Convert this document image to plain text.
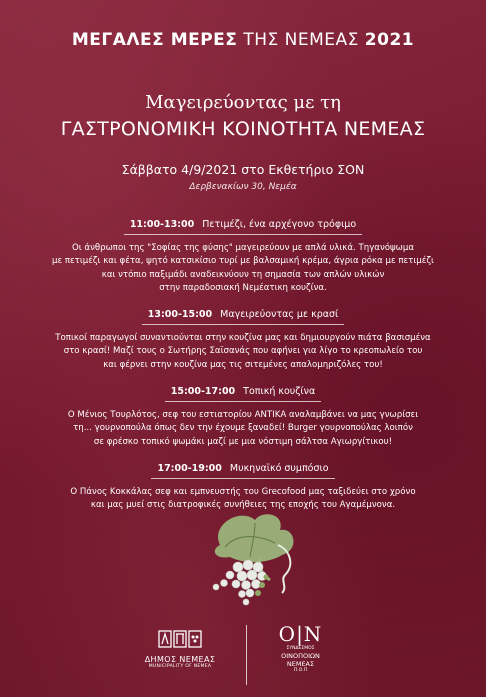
ΜΕΓΑΛΕΣ ΜΕΡΕΣ ΤΗΣ ΝΕΜΕΑΣ 2021
Μαγειρεύοντας με τη
ΓΑΣΤΡΟΝΟΜΙΚΗ ΚΟΙΝΟΤΗΤΑ ΝΕΜΕΑΣ
Σάββατο 4/9/2021 στο Εκθετήριο ΣΟΝ
Δερβενακίων 30, Νεμέα
11:00-13:00 Πετιμέζι, ένα αρχέγονο τρόφιμο

Οι άνθρωποι της "Σοφίας της φύσης" μαγειρεύουν με απλά υλικά. Τηγανόψωμα

με πετιμέζι και φέτα, ψητό κατσικίσιο τυρί με βαλσαμική κρέμα, άγρια ρόκα με πετιμέζι

και ντόπιο παξιμάδι αναδεικνύουν τη σημασία των απλών υλικών

στην παραδοσιακή Νεμέατικη κουζίνα.

13:00-15:00 Μαγειρεύοντας με κρασί

Τοπικοί παραγωγοί συναντιούνται στην κουζίνα μας και δημιουργούν πιάτα βασισμένα

στο κρασί! Μαζί τους ο Σωτήρης Σαϊσανάς που αφήνει για λίγο το κρεοπωλείο του

και φέρνει στην κουζίνα μας τις σιτεμένες απαλομηριζόλες του!

15:00-17:00 Τοπική κουζίνα

Ο Μένιος Τουρλότος, σεφ του εστιατορίου ΑΝΤΙΚΑ αναλαμβάνει να μας γνωρίσει

τη... γουρνοπούλα όπως δεν την έχουμε ξαναδεί! Burger γουρνοπούλας λοιπόν

σε φρέσκο τοπικό ψωμάκι μαζί με μια νόστιμη σάλτσα Αγιωργίτικου!

17:00-19:00 Μυκηναϊκό συμπόσιο

Ο Πάνος Κοκκάλας σεφ και εμπνευστής του Grecofood μας ταξιδεύει στο χρόνο

και μας μυεί στις διατροφικές συνήθειες της εποχής του Αγαμέμνονα.

ΔΗΜΟΣ ΝΕΜΕΑΣ
MUNICIPALITY OF NEMEA
Ο|Ν
ΣΥΝΔΕΣΜΟΣ
ΟΙΝΟΠΟΙΩΝ
ΝΕΜΕΑΣ
Π.Ο.Π
